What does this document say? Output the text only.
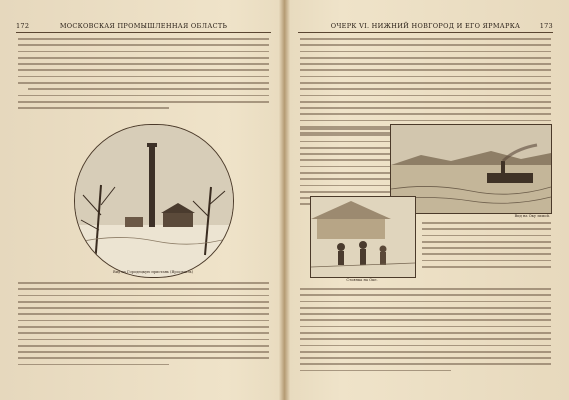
172	МОСКОВСКАЯ ПРОМЫШЛЕННАЯ ОБЛАСТЬ
Вид на Городецкую пристань (Ярославль)
ОЧЕРК VI. НИЖНИЙ НОВГОРОД И ЕГО ЯРМАРКА	173
Вид на Оку зимой.
Стоянка на Оке.
